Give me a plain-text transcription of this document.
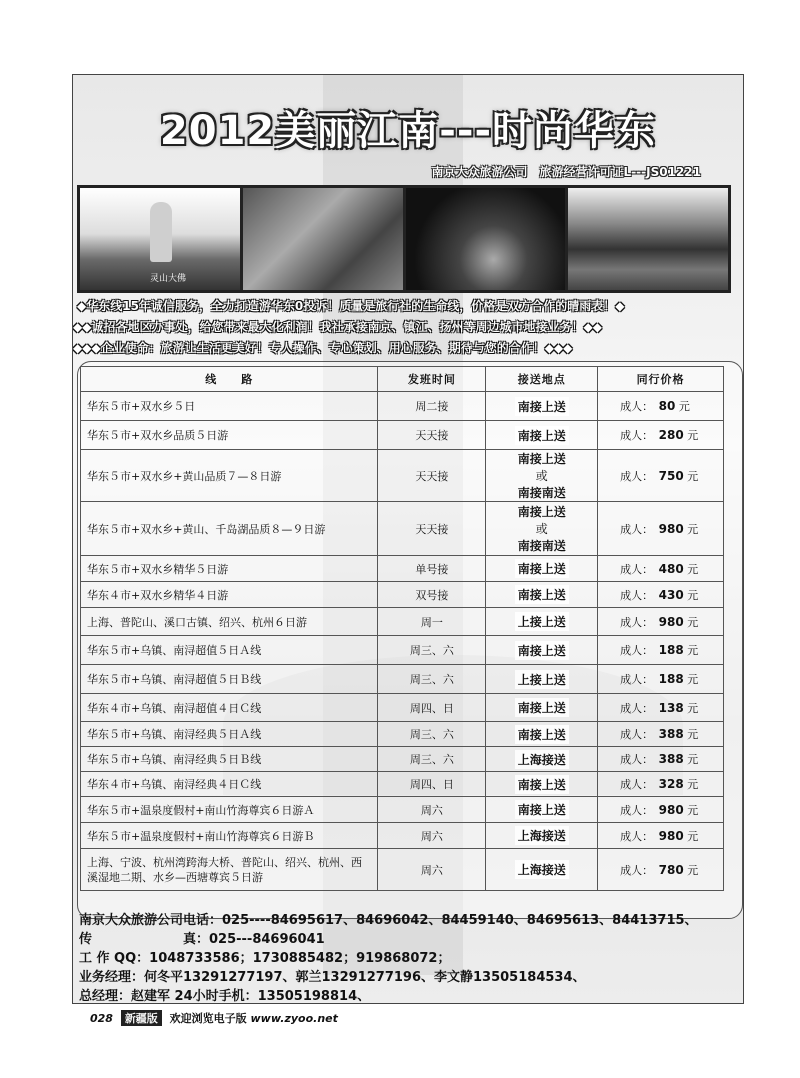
2012美丽江南---时尚华东
南京大众旅游公司　旅游经营许可证L---JS01221
灵山大佛
◆华东线15年诚信服务，全力打造游华东0投诉！质量是旅行社的生命线，价格是双方合作的晴雨表！◆
◆◆诚招各地区办事处，给您带来最大化利润！我社承接南京、镇江、扬州等周边城市地接业务！◆◆
◆◆◆企业使命：旅游让生活更美好！专人操作、专心策划、用心服务、期待与您的合作！◆◆◆
线　　路	发班时间	接送地点	同行价格
华东５市+双水乡５日	周二接	南接上送	成人：　 80 元
华东５市+双水乡品质５日游	天天接	南接上送	成人：　 280 元
华东５市+双水乡+黄山品质７—８日游	天天接	南接上送
或
南接南送	成人：　 750 元
华东５市+双水乡+黄山、千岛湖品质８—９日游	天天接	南接上送
或
南接南送	成人：　 980 元
华东５市+双水乡精华５日游	单号接	南接上送	成人：　 480 元
华东４市+双水乡精华４日游	双号接	南接上送	成人：　 430 元
上海、普陀山、溪口古镇、绍兴、杭州６日游	周一	上接上送	成人：　 980 元
华东５市+乌镇、南浔超值５日Ａ线	周三、六	南接上送	成人：　 188 元
华东５市+乌镇、南浔超值５日Ｂ线	周三、六	上接上送	成人：　 188 元
华东４市+乌镇、南浔超值４日Ｃ线	周四、日	南接上送	成人：　 138 元
华东５市+乌镇、南浔经典５日Ａ线	周三、六	南接上送	成人：　 388 元
华东５市+乌镇、南浔经典５日Ｂ线	周三、六	上海接送	成人：　 388 元
华东４市+乌镇、南浔经典４日Ｃ线	周四、日	南接上送	成人：　 328 元
华东５市+温泉度假村+南山竹海尊宾６日游Ａ	周六	南接上送	成人：　 980 元
华东５市+温泉度假村+南山竹海尊宾６日游Ｂ	周六	上海接送	成人：　 980 元
上海、宁波、杭州湾跨海大桥、普陀山、绍兴、杭州、西溪湿地二期、水乡—西塘尊宾５日游	周六	上海接送	成人：　 780 元
南京大众旅游公司电话：025----84695617、84696042、84459140、84695613、84413715、
传　　　　　　　真：025---84696041
工 作 QQ：1048733586；1730885482；919868072；
业务经理：何冬平13291277197、郭兰13291277196、李文静13505184534、
总经理：赵建军 24小时手机：13505198814、
028 新疆版 欢迎浏览电子版 www.zyoo.net
